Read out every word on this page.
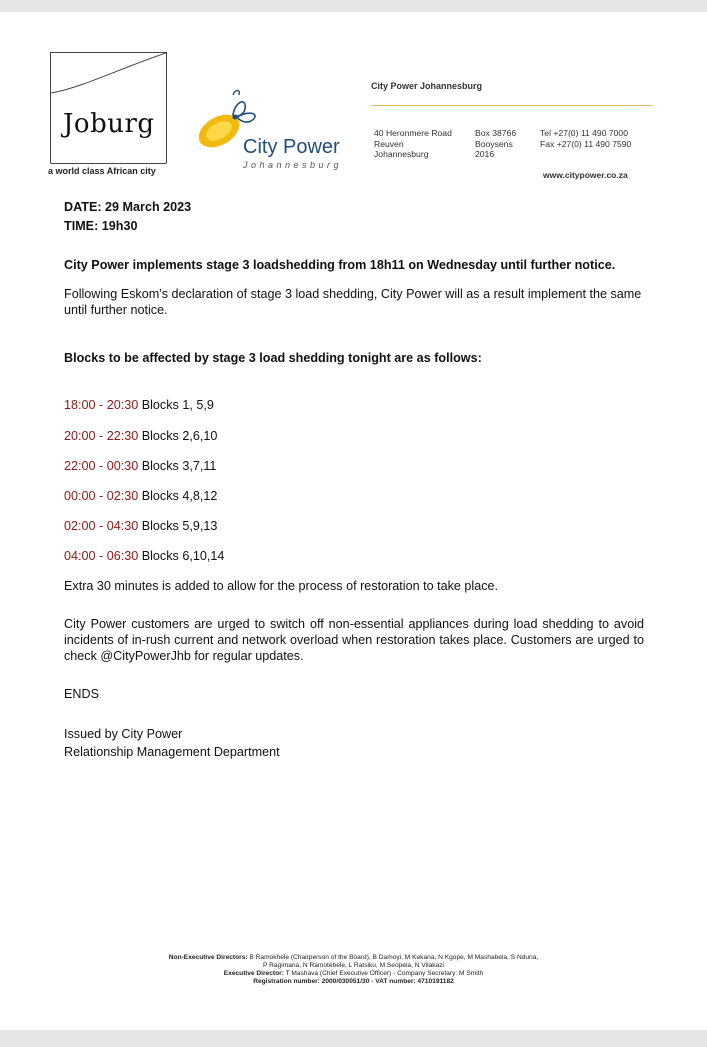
Joburg
a world class African city
City Power
Johannesburg
City Power Johannesburg
40 Heronmere Road
Reuven
Johannesburg
Box 38766
Booysens
2016
Tel +27(0) 11 490 7000
Fax +27(0) 11 490 7590
www.citypower.co.za
DATE: 29 March 2023
TIME: 19h30
City Power implements stage 3 loadshedding from 18h11 on Wednesday until further notice.
Following Eskom’s declaration of stage 3 load shedding, City Power will as a result implement the same until further notice.
Blocks to be affected by stage 3 load shedding tonight are as follows:
18:00 - 20:30 Blocks 1, 5,9
20:00 - 22:30 Blocks 2,6,10
22:00 - 00:30 Blocks 3,7,11
00:00 - 02:30 Blocks 4,8,12
02:00 - 04:30 Blocks 5,9,13
04:00 - 06:30 Blocks 6,10,14
Extra 30 minutes is added to allow for the process of restoration to take place.
City Power customers are urged to switch off non-essential appliances during load shedding to avoid incidents of in-rush current and network overload when restoration takes place. Customers are urged to check @CityPowerJhb for regular updates.
ENDS
Issued by City Power
Relationship Management Department
Non-Executive Directors: B Ramokhele (Chairperson of the Board), B Damoyi, M Kekana, N Kgope, M Mashabela, S Nduna,
P Ragimana, N Ramotebele, L Ratsiku, M Seopela, N Vilakazi
Executive Director: T Mashava (Chief Executive Officer) - Company Secretary: M Smith
Registration number: 2000/030051/30 - VAT number: 4710191182
